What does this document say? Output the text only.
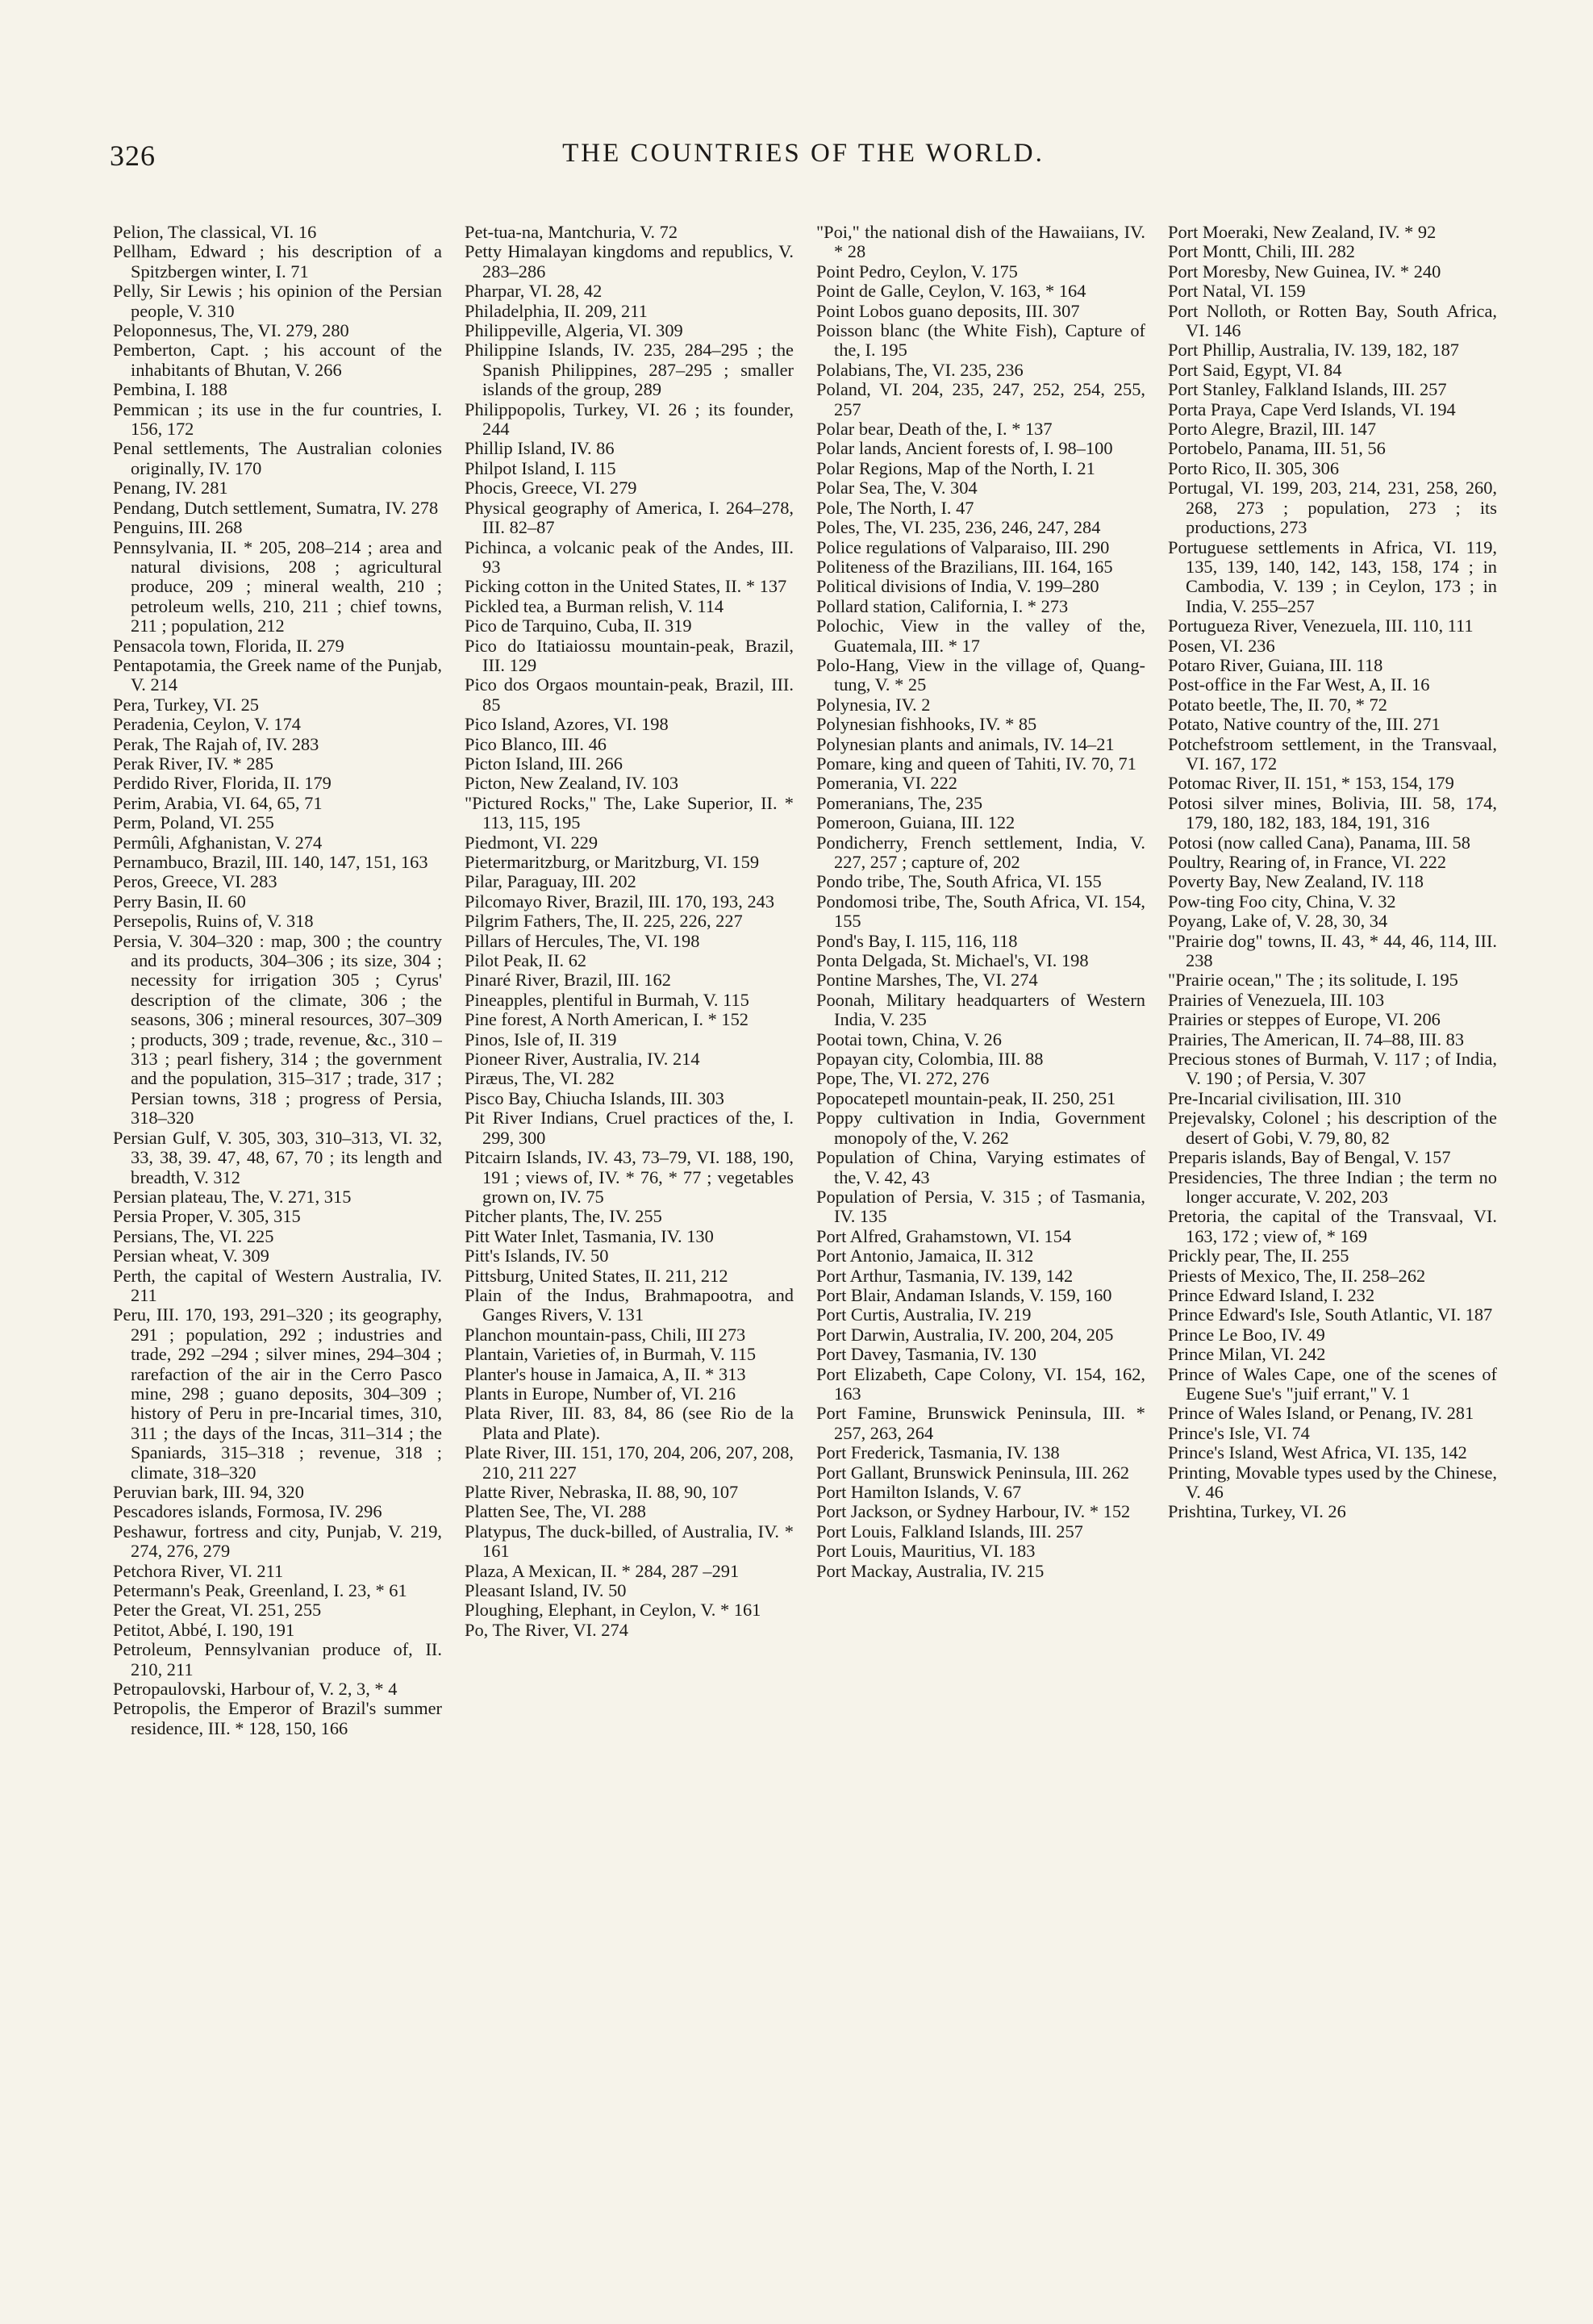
326	THE COUNTRIES OF THE WORLD.

Pelion, The classical, VI. 16

Pellham, Edward ; his description of a Spitzbergen winter, I. 71

Pelly, Sir Lewis ; his opinion of the Persian people, V. 310

Peloponnesus, The, VI. 279, 280

Pemberton, Capt. ; his account of the inhabitants of Bhutan, V. 266

Pembina, I. 188

Pemmican ; its use in the fur countries, I. 156, 172

Penal settlements, The Australian colonies originally, IV. 170

Penang, IV. 281

Pendang, Dutch settlement, Sumatra, IV. 278

Penguins, III. 268

Pennsylvania, II. * 205, 208–214 ; area and natural divisions, 208 ; agricultural produce, 209 ; mineral wealth, 210 ; petroleum wells, 210, 211 ; chief towns, 211 ; population, 212

Pensacola town, Florida, II. 279

Pentapotamia, the Greek name of the Punjab, V. 214

Pera, Turkey, VI. 25

Peradenia, Ceylon, V. 174

Perak, The Rajah of, IV. 283

Perak River, IV. * 285

Perdido River, Florida, II. 179

Perim, Arabia, VI. 64, 65, 71

Perm, Poland, VI. 255

Permûli, Afghanistan, V. 274

Pernambuco, Brazil, III. 140, 147, 151, 163

Peros, Greece, VI. 283

Perry Basin, II. 60

Persepolis, Ruins of, V. 318

Persia, V. 304–320 : map, 300 ; the country and its products, 304–306 ; its size, 304 ; necessity for irrigation 305 ; Cyrus' description of the climate, 306 ; the seasons, 306 ; mineral resources, 307–309 ; products, 309 ; trade, revenue, &c., 310 –313 ; pearl fishery, 314 ; the government and the population, 315–317 ; trade, 317 ; Persian towns, 318 ; progress of Persia, 318–320

Persian Gulf, V. 305, 303, 310–313, VI. 32, 33, 38, 39. 47, 48, 67, 70 ; its length and breadth, V. 312

Persian plateau, The, V. 271, 315

Persia Proper, V. 305, 315

Persians, The, VI. 225

Persian wheat, V. 309

Perth, the capital of Western Australia, IV. 211

Peru, III. 170, 193, 291–320 ; its geography, 291 ; population, 292 ; industries and trade, 292 –294 ; silver mines, 294–304 ; rarefaction of the air in the Cerro Pasco mine, 298 ; guano deposits, 304–309 ; history of Peru in pre-Incarial times, 310, 311 ; the days of the Incas, 311–314 ; the Spaniards, 315–318 ; revenue, 318 ; climate, 318–320

Peruvian bark, III. 94, 320

Pescadores islands, Formosa, IV. 296

Peshawur, fortress and city, Punjab, V. 219, 274, 276, 279

Petchora River, VI. 211

Petermann's Peak, Greenland, I. 23, * 61

Peter the Great, VI. 251, 255

Petitot, Abbé, I. 190, 191

Petroleum, Pennsylvanian produce of, II. 210, 211

Petropaulovski, Harbour of, V. 2, 3, * 4

Petropolis, the Emperor of Brazil's summer residence, III. * 128, 150, 166

Pet-tua-na, Mantchuria, V. 72

Petty Himalayan kingdoms and republics, V. 283–286

Pharpar, VI. 28, 42

Philadelphia, II. 209, 211

Philippeville, Algeria, VI. 309

Philippine Islands, IV. 235, 284–295 ; the Spanish Philippines, 287–295 ; smaller islands of the group, 289

Philippopolis, Turkey, VI. 26 ; its founder, 244

Phillip Island, IV. 86

Philpot Island, I. 115

Phocis, Greece, VI. 279

Physical geography of America, I. 264–278, III. 82–87

Pichinca, a volcanic peak of the Andes, III. 93

Picking cotton in the United States, II. * 137

Pickled tea, a Burman relish, V. 114

Pico de Tarquino, Cuba, II. 319

Pico do Itatiaiossu mountain-peak, Brazil, III. 129

Pico dos Orgaos mountain-peak, Brazil, III. 85

Pico Island, Azores, VI. 198

Pico Blanco, III. 46

Picton Island, III. 266

Picton, New Zealand, IV. 103

"Pictured Rocks," The, Lake Superior, II. * 113, 115, 195

Piedmont, VI. 229

Pietermaritzburg, or Maritzburg, VI. 159

Pilar, Paraguay, III. 202

Pilcomayo River, Brazil, III. 170, 193, 243

Pilgrim Fathers, The, II. 225, 226, 227

Pillars of Hercules, The, VI. 198

Pilot Peak, II. 62

Pinaré River, Brazil, III. 162

Pineapples, plentiful in Burmah, V. 115

Pine forest, A North American, I. * 152

Pinos, Isle of, II. 319

Pioneer River, Australia, IV. 214

Piræus, The, VI. 282

Pisco Bay, Chiucha Islands, III. 303

Pit River Indians, Cruel practices of the, I. 299, 300

Pitcairn Islands, IV. 43, 73–79, VI. 188, 190, 191 ; views of, IV. * 76, * 77 ; vegetables grown on, IV. 75

Pitcher plants, The, IV. 255

Pitt Water Inlet, Tasmania, IV. 130

Pitt's Islands, IV. 50

Pittsburg, United States, II. 211, 212

Plain of the Indus, Brahmapootra, and Ganges Rivers, V. 131

Planchon mountain-pass, Chili, III 273

Plantain, Varieties of, in Burmah, V. 115

Planter's house in Jamaica, A, II. * 313

Plants in Europe, Number of, VI. 216

Plata River, III. 83, 84, 86 (see Rio de la Plata and Plate).

Plate River, III. 151, 170, 204, 206, 207, 208, 210, 211 227

Platte River, Nebraska, II. 88, 90, 107

Platten See, The, VI. 288

Platypus, The duck-billed, of Australia, IV. * 161

Plaza, A Mexican, II. * 284, 287 –291

Pleasant Island, IV. 50

Ploughing, Elephant, in Ceylon, V. * 161

Po, The River, VI. 274

"Poi," the national dish of the Hawaiians, IV. * 28

Point Pedro, Ceylon, V. 175

Point de Galle, Ceylon, V. 163, * 164

Point Lobos guano deposits, III. 307

Poisson blanc (the White Fish), Capture of the, I. 195

Polabians, The, VI. 235, 236

Poland, VI. 204, 235, 247, 252, 254, 255, 257

Polar bear, Death of the, I. * 137

Polar lands, Ancient forests of, I. 98–100

Polar Regions, Map of the North, I. 21

Polar Sea, The, V. 304

Pole, The North, I. 47

Poles, The, VI. 235, 236, 246, 247, 284

Police regulations of Valparaiso, III. 290

Politeness of the Brazilians, III. 164, 165

Political divisions of India, V. 199–280

Pollard station, California, I. * 273

Polochic, View in the valley of the, Guatemala, III. * 17

Polo-Hang, View in the village of, Quang-tung, V. * 25

Polynesia, IV. 2

Polynesian fishhooks, IV. * 85

Polynesian plants and animals, IV. 14–21

Pomare, king and queen of Tahiti, IV. 70, 71

Pomerania, VI. 222

Pomeranians, The, 235

Pomeroon, Guiana, III. 122

Pondicherry, French settlement, India, V. 227, 257 ; capture of, 202

Pondo tribe, The, South Africa, VI. 155

Pondomosi tribe, The, South Africa, VI. 154, 155

Pond's Bay, I. 115, 116, 118

Ponta Delgada, St. Michael's, VI. 198

Pontine Marshes, The, VI. 274

Poonah, Military headquarters of Western India, V. 235

Pootai town, China, V. 26

Popayan city, Colombia, III. 88

Pope, The, VI. 272, 276

Popocatepetl mountain-peak, II. 250, 251

Poppy cultivation in India, Government monopoly of the, V. 262

Population of China, Varying estimates of the, V. 42, 43

Population of Persia, V. 315 ; of Tasmania, IV. 135

Port Alfred, Grahamstown, VI. 154

Port Antonio, Jamaica, II. 312

Port Arthur, Tasmania, IV. 139, 142

Port Blair, Andaman Islands, V. 159, 160

Port Curtis, Australia, IV. 219

Port Darwin, Australia, IV. 200, 204, 205

Port Davey, Tasmania, IV. 130

Port Elizabeth, Cape Colony, VI. 154, 162, 163

Port Famine, Brunswick Peninsula, III. * 257, 263, 264

Port Frederick, Tasmania, IV. 138

Port Gallant, Brunswick Peninsula, III. 262

Port Hamilton Islands, V. 67

Port Jackson, or Sydney Harbour, IV. * 152

Port Louis, Falkland Islands, III. 257

Port Louis, Mauritius, VI. 183

Port Mackay, Australia, IV. 215

Port Moeraki, New Zealand, IV. * 92

Port Montt, Chili, III. 282

Port Moresby, New Guinea, IV. * 240

Port Natal, VI. 159

Port Nolloth, or Rotten Bay, South Africa, VI. 146

Port Phillip, Australia, IV. 139, 182, 187

Port Said, Egypt, VI. 84

Port Stanley, Falkland Islands, III. 257

Porta Praya, Cape Verd Islands, VI. 194

Porto Alegre, Brazil, III. 147

Portobelo, Panama, III. 51, 56

Porto Rico, II. 305, 306

Portugal, VI. 199, 203, 214, 231, 258, 260, 268, 273 ; population, 273 ; its productions, 273

Portuguese settlements in Africa, VI. 119, 135, 139, 140, 142, 143, 158, 174 ; in Cambodia, V. 139 ; in Ceylon, 173 ; in India, V. 255–257

Portugueza River, Venezuela, III. 110, 111

Posen, VI. 236

Potaro River, Guiana, III. 118

Post-office in the Far West, A, II. 16

Potato beetle, The, II. 70, * 72

Potato, Native country of the, III. 271

Potchefstroom settlement, in the Transvaal, VI. 167, 172

Potomac River, II. 151, * 153, 154, 179

Potosi silver mines, Bolivia, III. 58, 174, 179, 180, 182, 183, 184, 191, 316

Potosi (now called Cana), Panama, III. 58

Poultry, Rearing of, in France, VI. 222

Poverty Bay, New Zealand, IV. 118

Pow-ting Foo city, China, V. 32

Poyang, Lake of, V. 28, 30, 34

"Prairie dog" towns, II. 43, * 44, 46, 114, III. 238

"Prairie ocean," The ; its solitude, I. 195

Prairies of Venezuela, III. 103

Prairies or steppes of Europe, VI. 206

Prairies, The American, II. 74–88, III. 83

Precious stones of Burmah, V. 117 ; of India, V. 190 ; of Persia, V. 307

Pre-Incarial civilisation, III. 310

Prejevalsky, Colonel ; his description of the desert of Gobi, V. 79, 80, 82

Preparis islands, Bay of Bengal, V. 157

Presidencies, The three Indian ; the term no longer accurate, V. 202, 203

Pretoria, the capital of the Transvaal, VI. 163, 172 ; view of, * 169

Prickly pear, The, II. 255

Priests of Mexico, The, II. 258–262

Prince Edward Island, I. 232

Prince Edward's Isle, South Atlantic, VI. 187

Prince Le Boo, IV. 49

Prince Milan, VI. 242

Prince of Wales Cape, one of the scenes of Eugene Sue's "juif errant," V. 1

Prince of Wales Island, or Penang, IV. 281

Prince's Isle, VI. 74

Prince's Island, West Africa, VI. 135, 142

Printing, Movable types used by the Chinese, V. 46

Prishtina, Turkey, VI. 26
